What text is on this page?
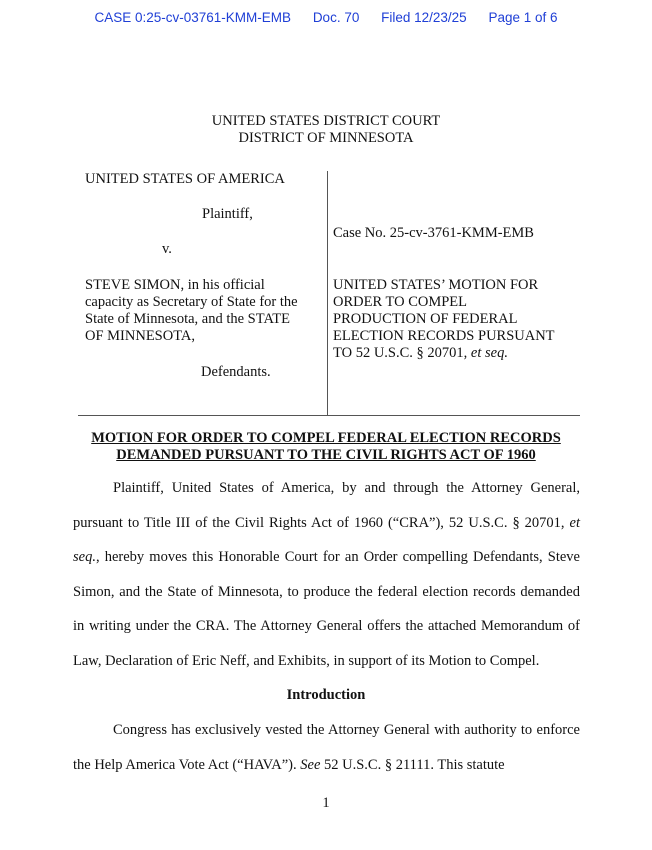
CASE 0:25-cv-03761-KMM-EMB Doc. 70 Filed 12/23/25 Page 1 of 6
UNITED STATES DISTRICT COURT
DISTRICT OF MINNESOTA
UNITED STATES OF AMERICA
Plaintiff,
v.
STEVE SIMON, in his official
capacity as Secretary of State for the
State of Minnesota, and the STATE
OF MINNESOTA,
Defendants.
Case No. 25-cv-3761-KMM-EMB
UNITED STATES’ MOTION FOR
ORDER TO COMPEL
PRODUCTION OF FEDERAL
ELECTION RECORDS PURSUANT
TO 52 U.S.C. § 20701, et seq.
MOTION FOR ORDER TO COMPEL FEDERAL ELECTION RECORDS
DEMANDED PURSUANT TO THE CIVIL RIGHTS ACT OF 1960
Plaintiff, United States of America, by and through the Attorney General, pursuant to Title III of the Civil Rights Act of 1960 (“CRA”), 52 U.S.C. § 20701, et seq., hereby moves this Honorable Court for an Order compelling Defendants, Steve Simon, and the State of Minnesota, to produce the federal election records demanded in writing under the CRA. The Attorney General offers the attached Memorandum of Law, Declaration of Eric Neff, and Exhibits, in support of its Motion to Compel.
Introduction
Congress has exclusively vested the Attorney General with authority to enforce the Help America Vote Act (“HAVA”). See 52 U.S.C. § 21111. This statute
1
